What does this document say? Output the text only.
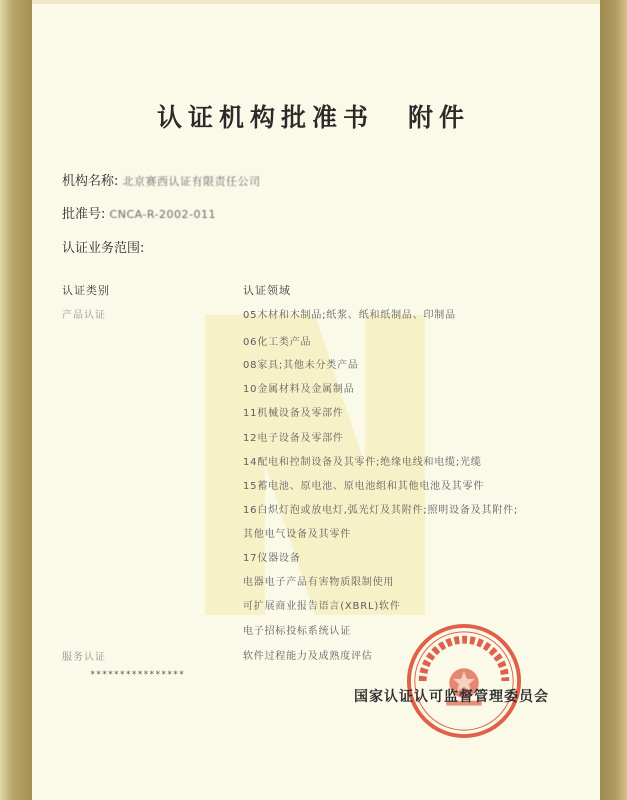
认证机构批准书 附件
机构名称: 北京赛西认证有限责任公司
批准号: CNCA-R-2002-011
认证业务范围:
认证类别	认证领域
产品认证
服务认证
05木材和木制品;纸浆、纸和纸制品、印制品
06化工类产品
08家具;其他未分类产品
10金属材料及金属制品
11机械设备及零部件
12电子设备及零部件
14配电和控制设备及其零件;绝缘电线和电缆;光缆
15蓄电池、原电池、原电池组和其他电池及其零件
16白炽灯泡或放电灯,弧光灯及其附件;照明设备及其附件;
其他电气设备及其零件
17仪器设备
电器电子产品有害物质限制使用
可扩展商业报告语言(XBRL)软件
电子招标投标系统认证
软件过程能力及成熟度评估
****************
国家认证认可监督管理委员会
